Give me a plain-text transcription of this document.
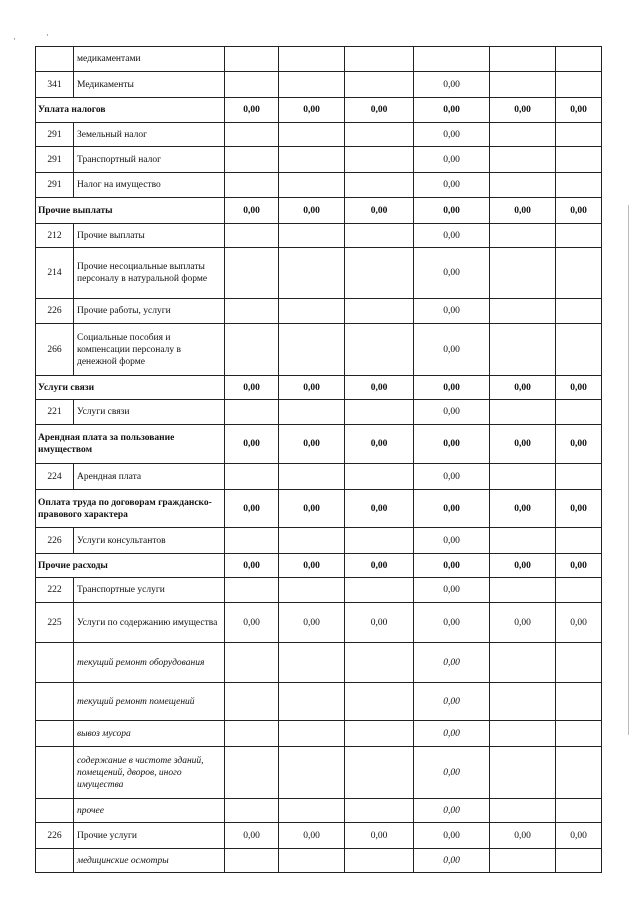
·	·
	медикаментами						
341	Медикаменты				0,00		
Уплата налогов		0,00	0,00	0,00	0,00	0,00	0,00
291	Земельный налог				0,00		
291	Транспортный налог				0,00		
291	Налог на имущество				0,00		
Прочие выплаты		0,00	0,00	0,00	0,00	0,00	0,00
212	Прочие выплаты				0,00		
214	Прочие несоциальные выплаты персоналу в натуральной форме				0,00		
226	Прочие работы, услуги				0,00		
266	Социальные пособия и компенсации персоналу в денежной форме				0,00		
Услуги связи		0,00	0,00	0,00	0,00	0,00	0,00
221	Услуги связи				0,00		
Арендная плата за пользование имуществом		0,00	0,00	0,00	0,00	0,00	0,00
224	Арендная плата				0,00		
Оплата труда по договорам гражданско-правового характера		0,00	0,00	0,00	0,00	0,00	0,00
226	Услуги консультантов				0,00		
Прочие расходы		0,00	0,00	0,00	0,00	0,00	0,00
222	Транспортные услуги				0,00		
225	Услуги по содержанию имущества	0,00	0,00	0,00	0,00	0,00	0,00
	текущий ремонт оборудования				0,00		
	текущий ремонт помещений				0,00		
	вывоз мусора				0,00		
	содержание в чистоте зданий, помещений, дворов, иного имущества				0,00		
	прочее				0,00		
226	Прочие услуги	0,00	0,00	0,00	0,00	0,00	0,00
	медицинские осмотры				0,00		
